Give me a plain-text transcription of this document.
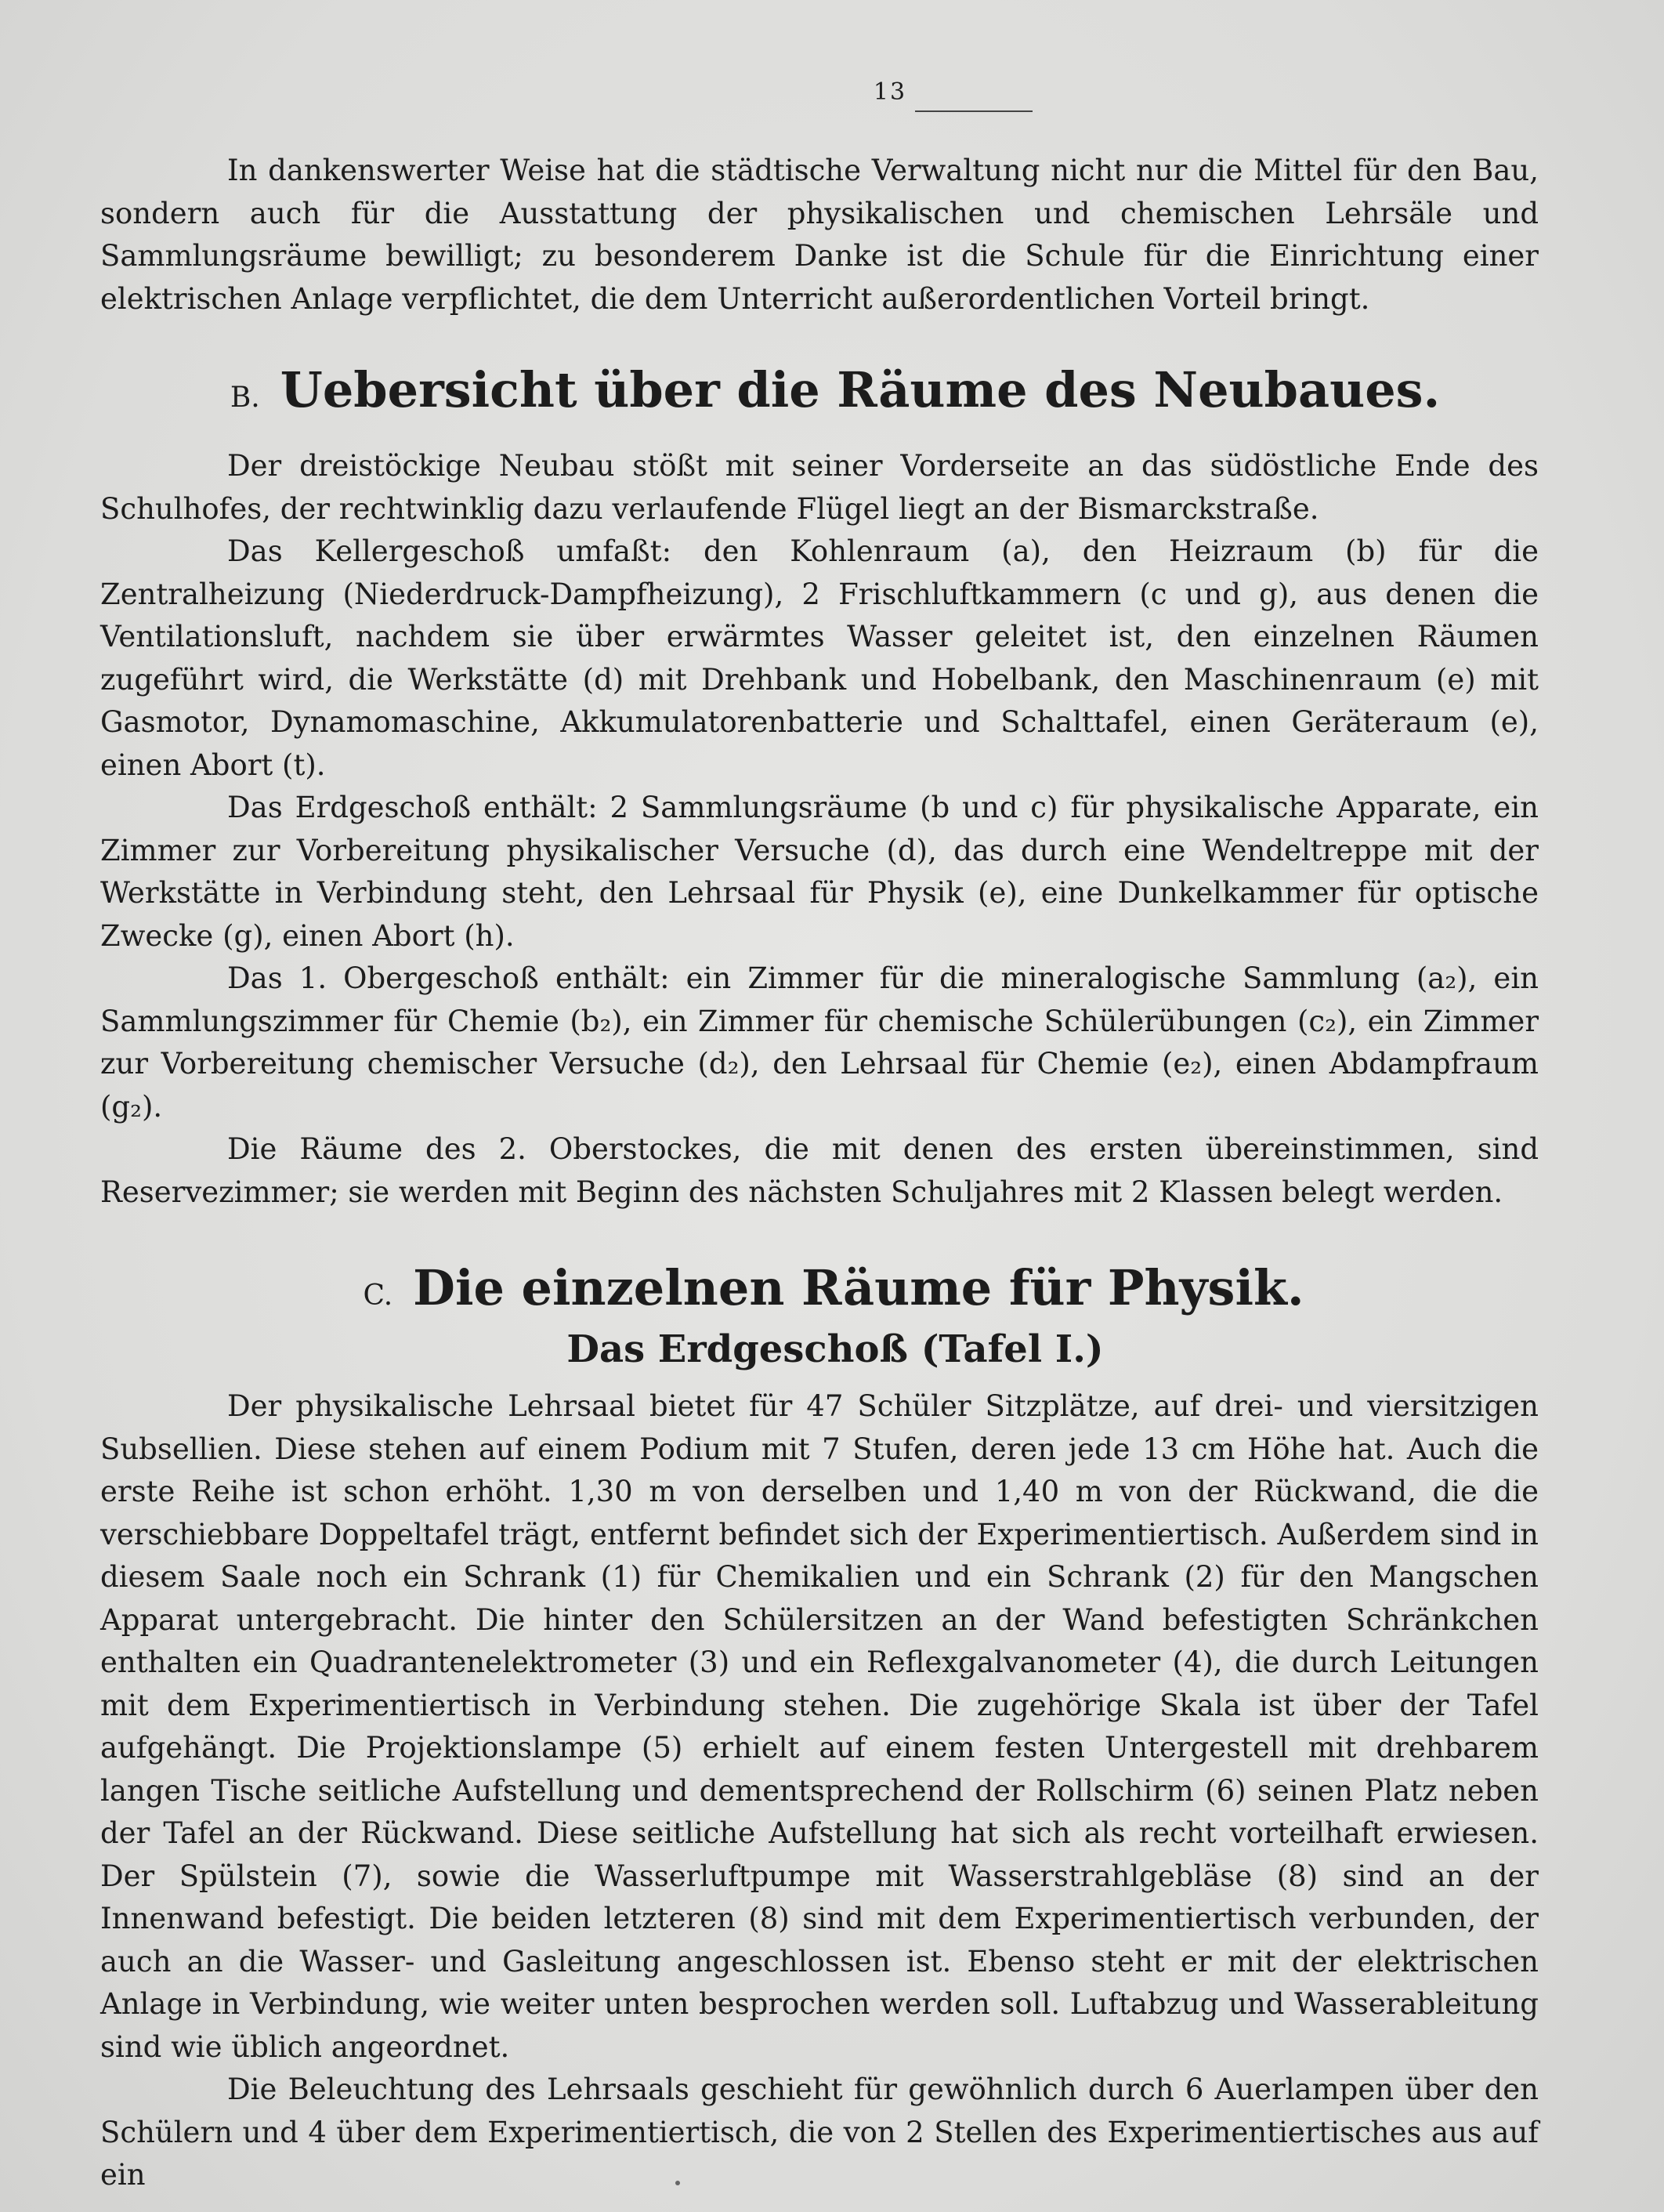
13

In dankenswerter Weise hat die städtische Verwaltung nicht nur die Mittel für den Bau, sondern auch für die Ausstattung der physikalischen und chemischen Lehrsäle und Sammlungsräume bewilligt; zu besonderem Danke ist die Schule für die Einrichtung einer elektrischen Anlage verpflichtet, die dem Unterricht außerordentlichen Vorteil bringt.

B. Uebersicht über die Räume des Neubaues.

Der dreistöckige Neubau stößt mit seiner Vorderseite an das südöstliche Ende des Schulhofes, der rechtwinklig dazu verlaufende Flügel liegt an der Bismarckstraße.

Das Kellergeschoß umfaßt: den Kohlenraum (a), den Heizraum (b) für die Zentralheizung (Niederdruck-Dampfheizung), 2 Frischluftkammern (c und g), aus denen die Ventilationsluft, nachdem sie über erwärmtes Wasser geleitet ist, den einzelnen Räumen zugeführt wird, die Werkstätte (d) mit Drehbank und Hobelbank, den Maschinenraum (e) mit Gasmotor, Dynamomaschine, Akkumulatorenbatterie und Schalttafel, einen Geräteraum (e), einen Abort (t).

Das Erdgeschoß enthält: 2 Sammlungsräume (b und c) für physikalische Apparate, ein Zimmer zur Vorbereitung physikalischer Versuche (d), das durch eine Wendeltreppe mit der Werkstätte in Verbindung steht, den Lehrsaal für Physik (e), eine Dunkelkammer für optische Zwecke (g), einen Abort (h).

Das 1. Obergeschoß enthält: ein Zimmer für die mineralogische Sammlung (a₂), ein Sammlungszimmer für Chemie (b₂), ein Zimmer für chemische Schülerübungen (c₂), ein Zimmer zur Vorbereitung chemischer Versuche (d₂), den Lehrsaal für Chemie (e₂), einen Abdampfraum (g₂).

Die Räume des 2. Oberstockes, die mit denen des ersten übereinstimmen, sind Reservezimmer; sie werden mit Beginn des nächsten Schuljahres mit 2 Klassen belegt werden.

C. Die einzelnen Räume für Physik.
Das Erdgeschoß (Tafel I.)

Der physikalische Lehrsaal bietet für 47 Schüler Sitzplätze, auf drei- und viersitzigen Subsellien. Diese stehen auf einem Podium mit 7 Stufen, deren jede 13 cm Höhe hat. Auch die erste Reihe ist schon erhöht. 1,30 m von derselben und 1,40 m von der Rückwand, die die verschiebbare Doppeltafel trägt, entfernt befindet sich der Experimentiertisch. Außerdem sind in diesem Saale noch ein Schrank (1) für Chemikalien und ein Schrank (2) für den Mangschen Apparat untergebracht. Die hinter den Schülersitzen an der Wand befestigten Schränkchen enthalten ein Quadrantenelektrometer (3) und ein Reflexgalvanometer (4), die durch Leitungen mit dem Experimentiertisch in Verbindung stehen. Die zugehörige Skala ist über der Tafel aufgehängt. Die Projektionslampe (5) erhielt auf einem festen Untergestell mit drehbarem langen Tische seitliche Aufstellung und dementsprechend der Rollschirm (6) seinen Platz neben der Tafel an der Rückwand. Diese seitliche Aufstellung hat sich als recht vorteilhaft erwiesen. Der Spülstein (7), sowie die Wasserluftpumpe mit Wasserstrahlgebläse (8) sind an der Innenwand befestigt. Die beiden letzteren (8) sind mit dem Experimentiertisch verbunden, der auch an die Wasser- und Gasleitung angeschlossen ist. Ebenso steht er mit der elektrischen Anlage in Verbindung, wie weiter unten besprochen werden soll. Luftabzug und Wasserableitung sind wie üblich angeordnet.

Die Beleuchtung des Lehrsaals geschieht für gewöhnlich durch 6 Auerlampen über den Schülern und 4 über dem Experimentiertisch, die von 2 Stellen des Experimentiertisches aus auf ein
